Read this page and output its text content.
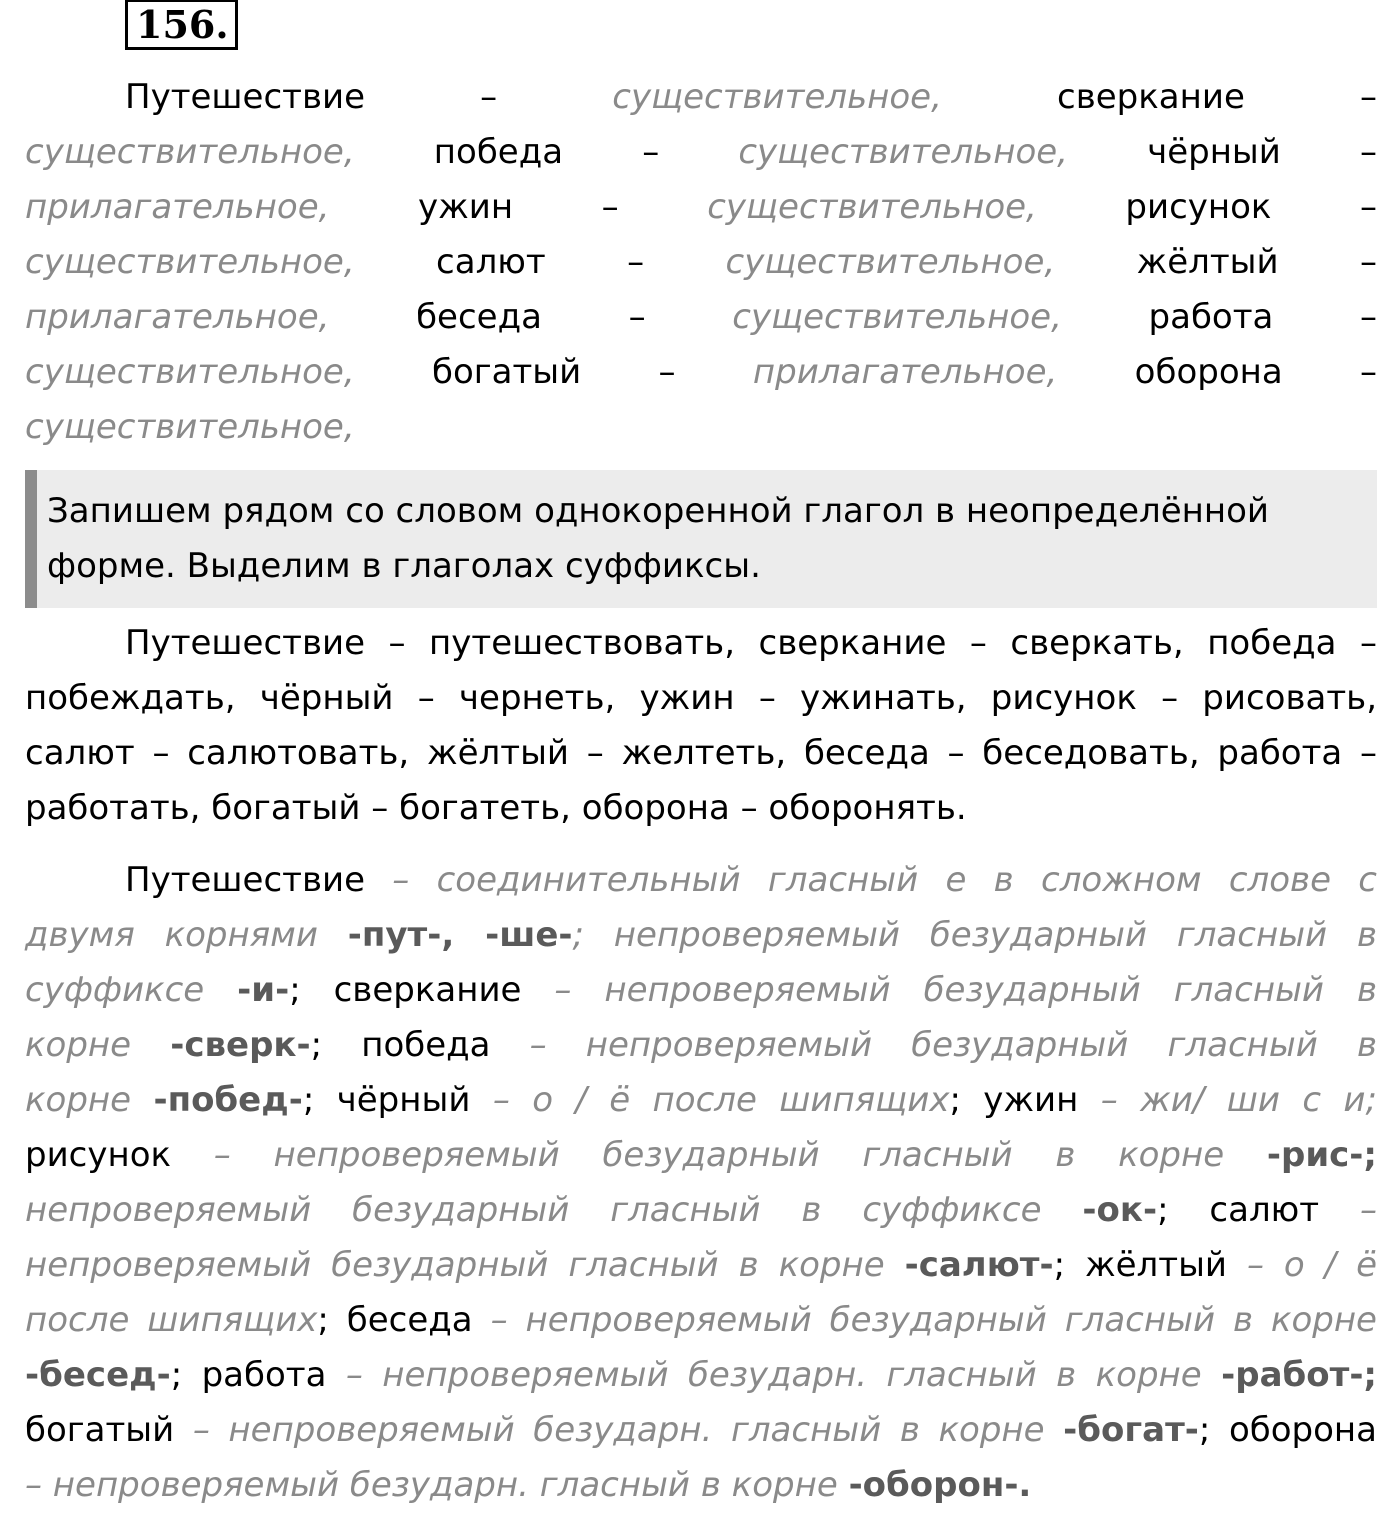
156.
Путешествие	–	существительное,	сверкание	–
существительное, победа – существительное, чёрный –
прилагательное,	ужин	–	существительное,	рисунок	–
существительное, салют – существительное, жёлтый –
прилагательное,	беседа	–	существительное,	работа	–
существительное, богатый – прилагательное, оборона –
существительное,
Запишем рядом со словом однокоренной глагол в неопределённой
форме. Выделим в глаголах суффиксы.
Путешествие – путешествовать, сверкание – сверкать, победа –
побеждать, чёрный – чернеть, ужин – ужинать, рисунок – рисовать,
салют – салютовать, жёлтый – желтеть, беседа – беседовать, работа –
работать, богатый – богатеть, оборона – оборонять.
Путешествие – соединительный гласный е в сложном слове с
двумя корнями -пут-, -ше-; непроверяемый безударный гласный в
суффиксе -и-; сверкание – непроверяемый безударный гласный в
корне -сверк-; победа – непроверяемый безударный гласный в
корне -побед-; чёрный – о / ё после шипящих; ужин – жи/ ши с и;
рисунок – непроверяемый безударный гласный в корне -рис-;
непроверяемый безударный гласный в суффиксе -ок-; салют –
непроверяемый безударный гласный в корне -салют-; жёлтый – о / ё
после шипящих; беседа – непроверяемый безударный гласный в корне
-бесед-; работа – непроверяемый безударн. гласный в корне -работ-;
богатый – непроверяемый безударн. гласный в корне -богат-; оборона
– непроверяемый безударн. гласный в корне -оборон-.
